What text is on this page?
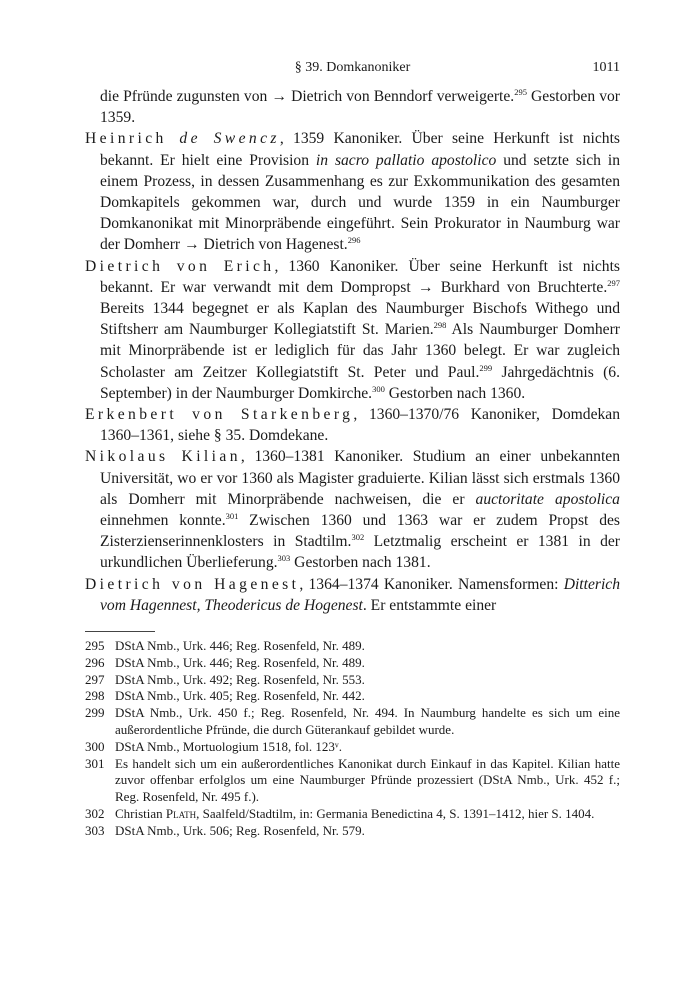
§ 39. Domkanoniker	1011

die Pfründe zugunsten von → Dietrich von Benndorf verweigerte.$^{295}$ Gestorben vor 1359.

Heinrich de Swencz, 1359 Kanoniker. Über seine Herkunft ist nichts bekannt. Er hielt eine Provision in sacro pallatio apostolico und setzte sich in einem Prozess, in dessen Zusammenhang es zur Exkommunikation des gesamten Domkapitels gekommen war, durch und wurde 1359 in ein Naumburger Domkanonikat mit Minorpräbende eingeführt. Sein Prokurator in Naumburg war der Domherr → Dietrich von Hagenest.$^{296}$

Dietrich von Erich, 1360 Kanoniker. Über seine Herkunft ist nichts bekannt. Er war verwandt mit dem Dompropst → Burkhard von Bruchterte.$^{297}$ Bereits 1344 begegnet er als Kaplan des Naumburger Bischofs Withego und Stiftsherr am Naumburger Kollegiatstift St. Marien.$^{298}$ Als Naumburger Domherr mit Minorpräbende ist er lediglich für das Jahr 1360 belegt. Er war zugleich Scholaster am Zeitzer Kollegiatstift St. Peter und Paul.$^{299}$ Jahrgedächtnis (6. September) in der Naumburger Domkirche.$^{300}$ Gestorben nach 1360.

Erkenbert von Starkenberg, 1360–1370/76 Kanoniker, Domdekan 1360–1361, siehe § 35. Domdekane.

Nikolaus Kilian, 1360–1381 Kanoniker. Studium an einer unbekannten Universität, wo er vor 1360 als Magister graduierte. Kilian lässt sich erstmals 1360 als Domherr mit Minorpräbende nachweisen, die er auctoritate apostolica einnehmen konnte.$^{301}$ Zwischen 1360 und 1363 war er zudem Propst des Zisterzienserinnenklosters in Stadtilm.$^{302}$ Letztmalig erscheint er 1381 in der urkundlichen Überlieferung.$^{303}$ Gestorben nach 1381.

Dietrich von Hagenest, 1364–1374 Kanoniker. Namensformen: Ditterich vom Hagennest, Theodericus de Hogenest. Er entstammte einer

295 DStA Nmb., Urk. 446; Reg. Rosenfeld, Nr. 489.
296 DStA Nmb., Urk. 446; Reg. Rosenfeld, Nr. 489.
297 DStA Nmb., Urk. 492; Reg. Rosenfeld, Nr. 553.
298 DStA Nmb., Urk. 405; Reg. Rosenfeld, Nr. 442.
299 DStA Nmb., Urk. 450 f.; Reg. Rosenfeld, Nr. 494. In Naumburg handelte es sich um eine außerordentliche Pfründe, die durch Güterankauf gebildet wurde.
300 DStA Nmb., Mortuologium 1518, fol. 123ᵛ.
301 Es handelt sich um ein außerordentliches Kanonikat durch Einkauf in das Kapitel. Kilian hatte zuvor offenbar erfolglos um eine Naumburger Pfründe prozessiert (DStA Nmb., Urk. 452 f.; Reg. Rosenfeld, Nr. 495 f.).
302 Christian Plath, Saalfeld/Stadtilm, in: Germania Benedictina 4, S. 1391–1412, hier S. 1404.
303 DStA Nmb., Urk. 506; Reg. Rosenfeld, Nr. 579.
